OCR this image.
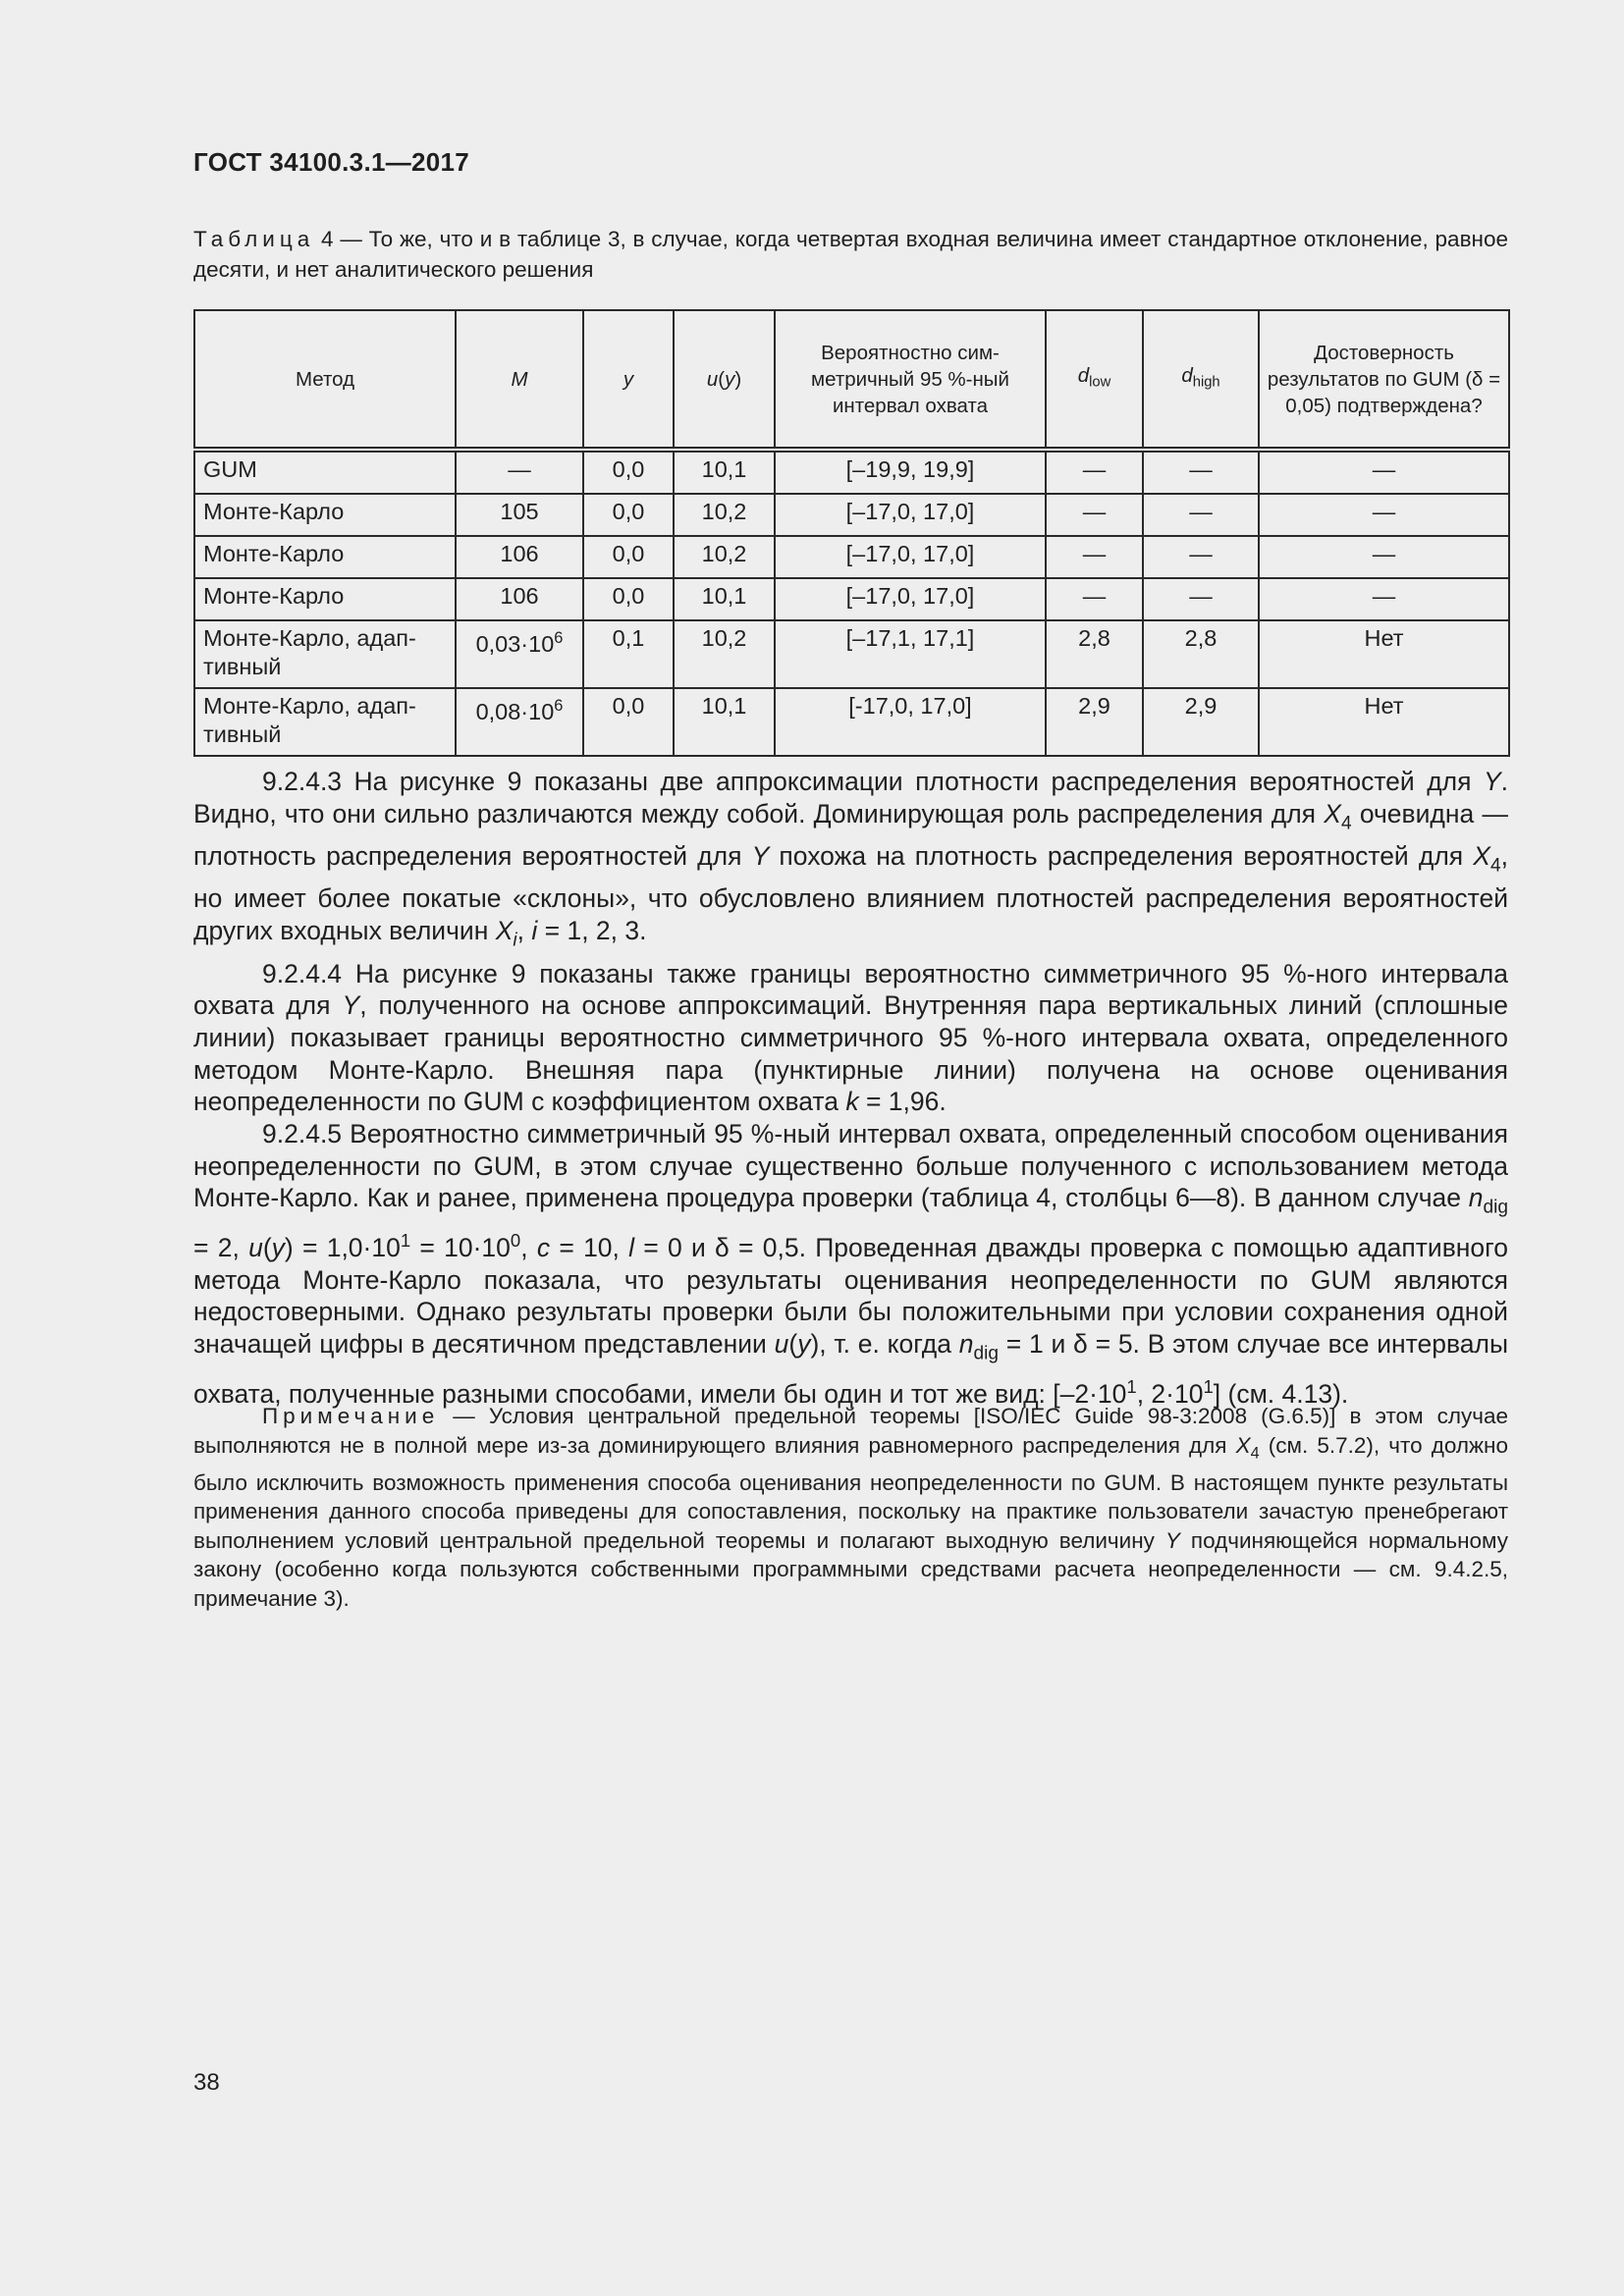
ГОСТ 34100.3.1—2017
Таблица 4 — То же, что и в таблице 3, в случае, когда четвертая входная величина имеет стандартное отклонение, равное десяти, и нет аналитического решения
Метод	M	y	u(y)	Вероятностно сим-метричный 95 %-ный интервал охвата	$d_{low}$	$d_{high}$	Достоверность результатов по GUM (δ = 0,05) подтверждена?
GUM	—	0,0	10,1	[–19,9, 19,9]	—	—	—
Монте-Карло	105	0,0	10,2	[–17,0, 17,0]	—	—	—
Монте-Карло	106	0,0	10,2	[–17,0, 17,0]	—	—	—
Монте-Карло	106	0,0	10,1	[–17,0, 17,0]	—	—	—
Монте-Карло, адап-тивный	$0,03\cdot 10^6$	0,1	10,2	[–17,1, 17,1]	2,8	2,8	Нет
Монте-Карло, адап-тивный	$0,08\cdot 10^6$	0,0	10,1	[-17,0, 17,0]	2,9	2,9	Нет

9.2.4.3 На рисунке 9 показаны две аппроксимации плотности распределения вероятностей для Y. Видно, что они сильно различаются между собой. Доминирующая роль распределения для $X_4$ очевидна — плотность распределения вероятностей для Y похожа на плотность распределения вероятностей для $X_4$, но имеет более покатые «склоны», что обусловлено влиянием плотностей распределения вероятностей других входных величин $X_i$, i = 1, 2, 3.

9.2.4.4 На рисунке 9 показаны также границы вероятностно симметричного 95 %-ного интервала охвата для Y, полученного на основе аппроксимаций. Внутренняя пара вертикальных линий (сплошные линии) показывает границы вероятностно симметричного 95 %-ного интервала охвата, определенного методом Монте-Карло. Внешняя пара (пунктирные линии) получена на основе оценивания неопределенности по GUM с коэффициентом охвата k = 1,96.

9.2.4.5 Вероятностно симметричный 95 %-ный интервал охвата, определенный способом оценивания неопределенности по GUM, в этом случае существенно больше полученного с использованием метода Монте-Карло. Как и ранее, применена процедура проверки (таблица 4, столбцы 6—8). В данном случае $n_{dig} = 2$, $u(y) = 1,0\cdot 10^1 = 10\cdot 10^0$, c = 10, l = 0 и δ = 0,5. Проведенная дважды проверка с помощью адаптивного метода Монте-Карло показала, что результаты оценивания неопределенности по GUM являются недостоверными. Однако результаты проверки были бы положительными при условии сохранения одной значащей цифры в десятичном представлении u(y), т. е. когда $n_{dig} = 1$ и δ = 5. В этом случае все интервалы охвата, полученные разными способами, имели бы один и тот же вид: [$-2\cdot 10^1$, $2\cdot 10^1$] (см. 4.13).

Примечание — Условия центральной предельной теоремы [ISO/IEC Guide 98-3:2008 (G.6.5)] в этом случае выполняются не в полной мере из-за доминирующего влияния равномерного распределения для $X_4$ (см. 5.7.2), что должно было исключить возможность применения способа оценивания неопределенности по GUM. В настоящем пункте результаты применения данного способа приведены для сопоставления, поскольку на практике пользователи зачастую пренебрегают выполнением условий центральной предельной теоремы и полагают выходную величину Y подчиняющейся нормальному закону (особенно когда пользуются собственными программными средствами расчета неопределенности — см. 9.4.2.5, примечание 3).

38
